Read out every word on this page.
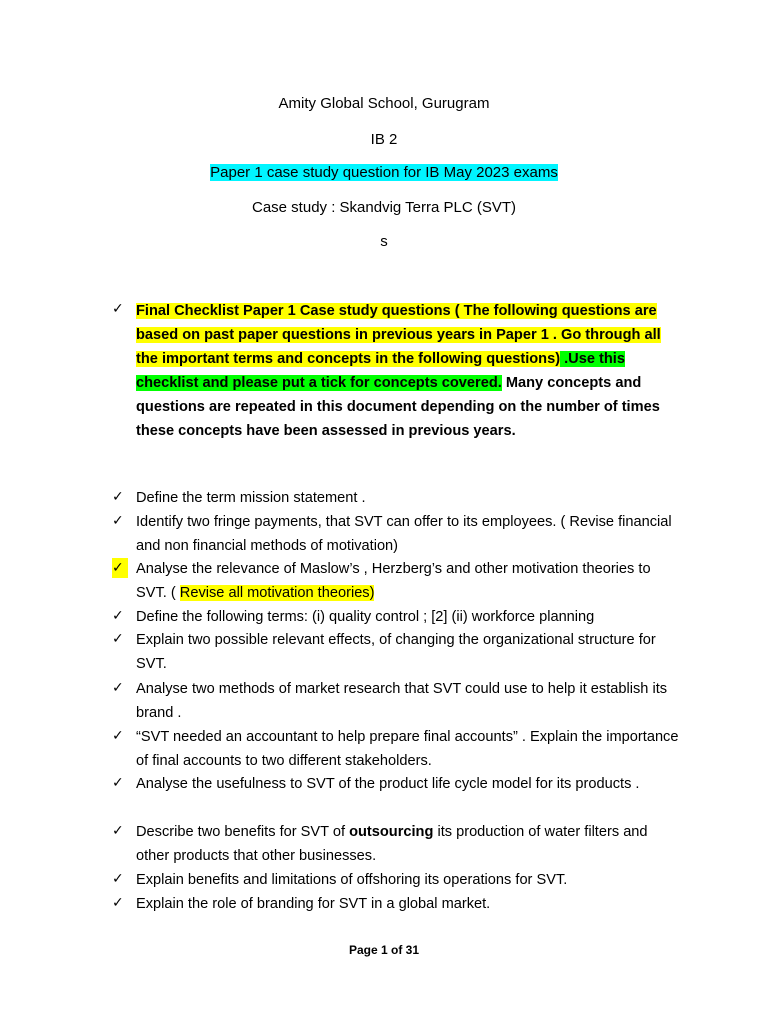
Amity Global School, Gurugram
IB 2
Paper 1 case study question for IB May 2023 exams
Case study : Skandvig Terra PLC (SVT)
s
✓ Final Checklist Paper 1 Case study questions ( The following questions are based on past paper questions in previous years in Paper 1 . Go through all the important terms and concepts in the following questions) .Use this checklist and please put a tick for concepts covered. Many concepts and questions are repeated in this document depending on the number of times these concepts have been assessed in previous years.
✓ Define the term mission statement .
✓ Identify two fringe payments, that SVT can offer to its employees. ( Revise financial and non financial methods of motivation)
✓ Analyse the relevance of Maslow’s , Herzberg’s and other motivation theories to SVT. ( Revise all motivation theories)
✓ Define the following terms: (i) quality control ; [2] (ii) workforce planning
✓ Explain two possible relevant effects, of changing the organizational structure for SVT.
✓ Analyse two methods of market research that SVT could use to help it establish its brand .
✓ “SVT needed an accountant to help prepare final accounts” . Explain the importance of final accounts to two different stakeholders.
✓ Analyse the usefulness to SVT of the product life cycle model for its products .
✓ Describe two benefits for SVT of outsourcing its production of water filters and other products that other businesses.
✓ Explain benefits and limitations of offshoring its operations for SVT.
✓ Explain the role of branding for SVT in a global market.
Page 1 of 31
